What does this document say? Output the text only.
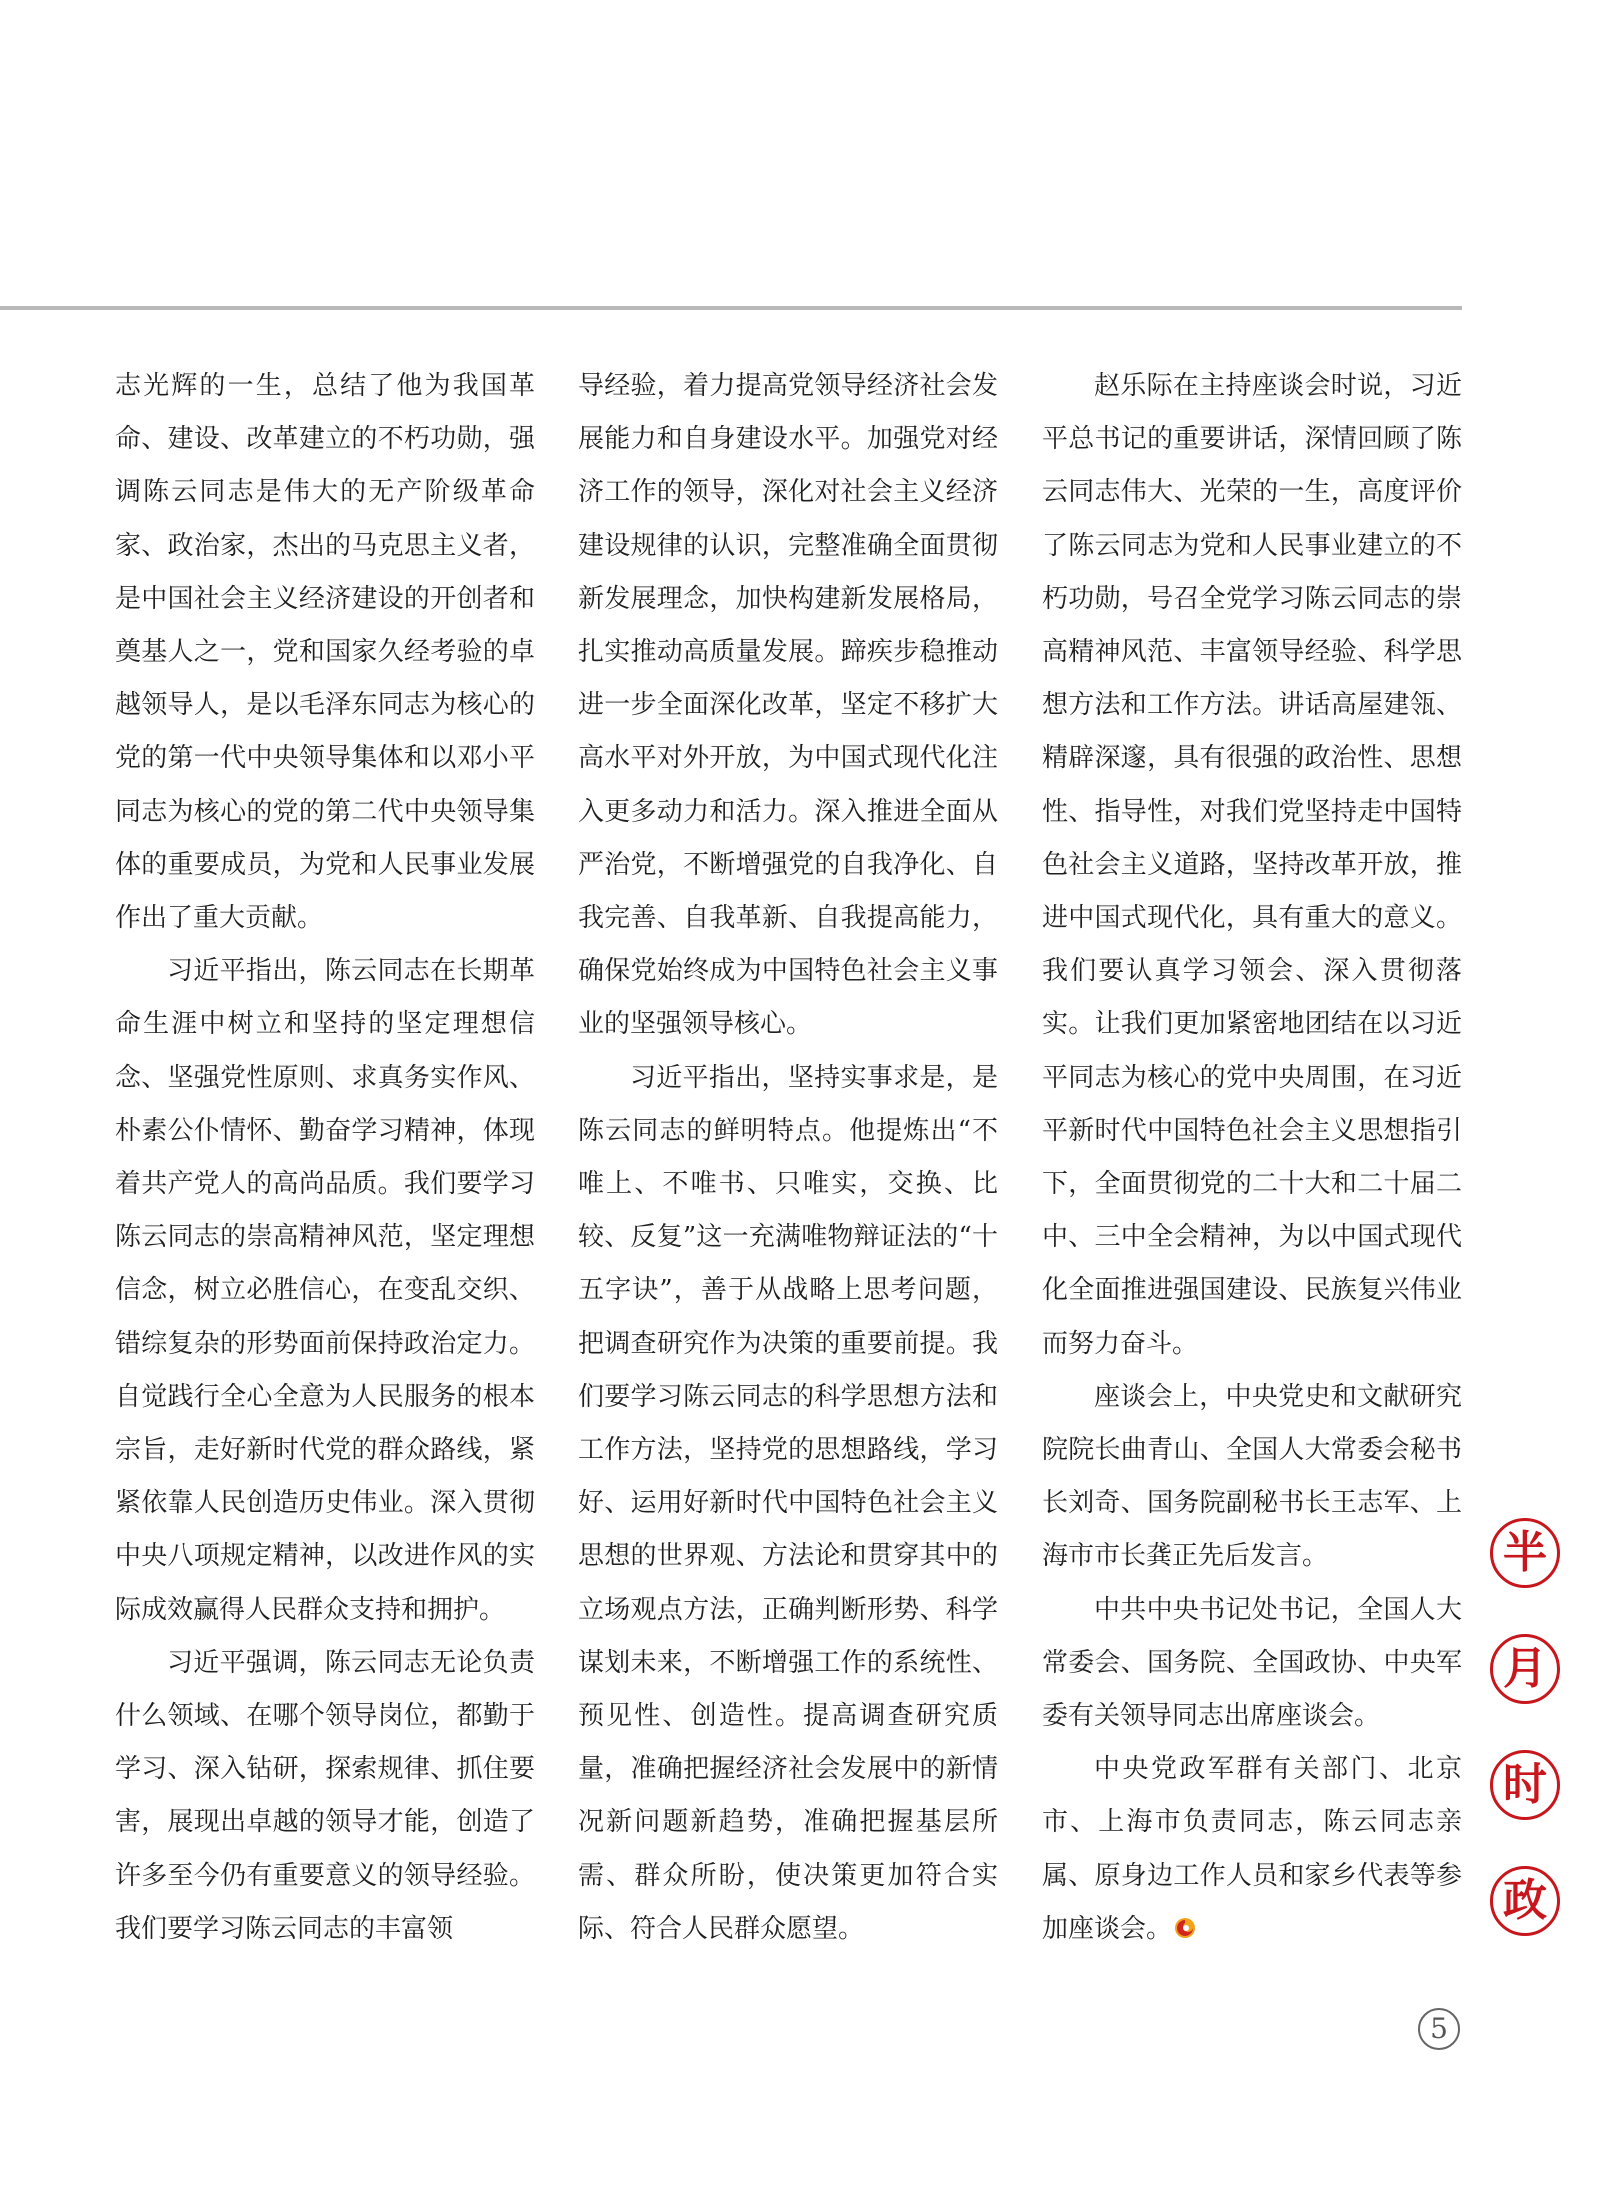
志光辉的一生，总结了他为我国革命、建设、改革建立的不朽功勋，强调陈云同志是伟大的无产阶级革命家、政治家，杰出的马克思主义者，是中国社会主义经济建设的开创者和奠基人之一，党和国家久经考验的卓越领导人，是以毛泽东同志为核心的党的第一代中央领导集体和以邓小平同志为核心的党的第二代中央领导集体的重要成员，为党和人民事业发展作出了重大贡献。

习近平指出，陈云同志在长期革命生涯中树立和坚持的坚定理想信念、坚强党性原则、求真务实作风、朴素公仆情怀、勤奋学习精神，体现着共产党人的高尚品质。我们要学习陈云同志的崇高精神风范，坚定理想信念，树立必胜信心，在变乱交织、错综复杂的形势面前保持政治定力。自觉践行全心全意为人民服务的根本宗旨，走好新时代党的群众路线，紧紧依靠人民创造历史伟业。深入贯彻中央八项规定精神，以改进作风的实际成效赢得人民群众支持和拥护。

习近平强调，陈云同志无论负责什么领域、在哪个领导岗位，都勤于学习、深入钻研，探索规律、抓住要害，展现出卓越的领导才能，创造了许多至今仍有重要意义的领导经验。我们要学习陈云同志的丰富领

导经验，着力提高党领导经济社会发展能力和自身建设水平。加强党对经济工作的领导，深化对社会主义经济建设规律的认识，完整准确全面贯彻新发展理念，加快构建新发展格局，扎实推动高质量发展。蹄疾步稳推动进一步全面深化改革，坚定不移扩大高水平对外开放，为中国式现代化注入更多动力和活力。深入推进全面从严治党，不断增强党的自我净化、自我完善、自我革新、自我提高能力，确保党始终成为中国特色社会主义事业的坚强领导核心。

习近平指出，坚持实事求是，是陈云同志的鲜明特点。他提炼出“不唯上、不唯书、只唯实，交换、比较、反复”这一充满唯物辩证法的“十五字诀”，善于从战略上思考问题，把调查研究作为决策的重要前提。我们要学习陈云同志的科学思想方法和工作方法，坚持党的思想路线，学习好、运用好新时代中国特色社会主义思想的世界观、方法论和贯穿其中的立场观点方法，正确判断形势、科学谋划未来，不断增强工作的系统性、预见性、创造性。提高调查研究质量，准确把握经济社会发展中的新情况新问题新趋势，准确把握基层所需、群众所盼，使决策更加符合实际、符合人民群众愿望。

赵乐际在主持座谈会时说，习近平总书记的重要讲话，深情回顾了陈云同志伟大、光荣的一生，高度评价了陈云同志为党和人民事业建立的不朽功勋，号召全党学习陈云同志的崇高精神风范、丰富领导经验、科学思想方法和工作方法。讲话高屋建瓴、精辟深邃，具有很强的政治性、思想性、指导性，对我们党坚持走中国特色社会主义道路，坚持改革开放，推进中国式现代化，具有重大的意义。我们要认真学习领会、深入贯彻落实。让我们更加紧密地团结在以习近平同志为核心的党中央周围，在习近平新时代中国特色社会主义思想指引下，全面贯彻党的二十大和二十届二中、三中全会精神，为以中国式现代化全面推进强国建设、民族复兴伟业而努力奋斗。

座谈会上，中央党史和文献研究院院长曲青山、全国人大常委会秘书长刘奇、国务院副秘书长王志军、上海市市长龚正先后发言。

中共中央书记处书记，全国人大常委会、国务院、全国政协、中央军委有关领导同志出席座谈会。

中央党政军群有关部门、北京市、上海市负责同志，陈云同志亲属、原身边工作人员和家乡代表等参加座谈会。

半
月
时
政
5
